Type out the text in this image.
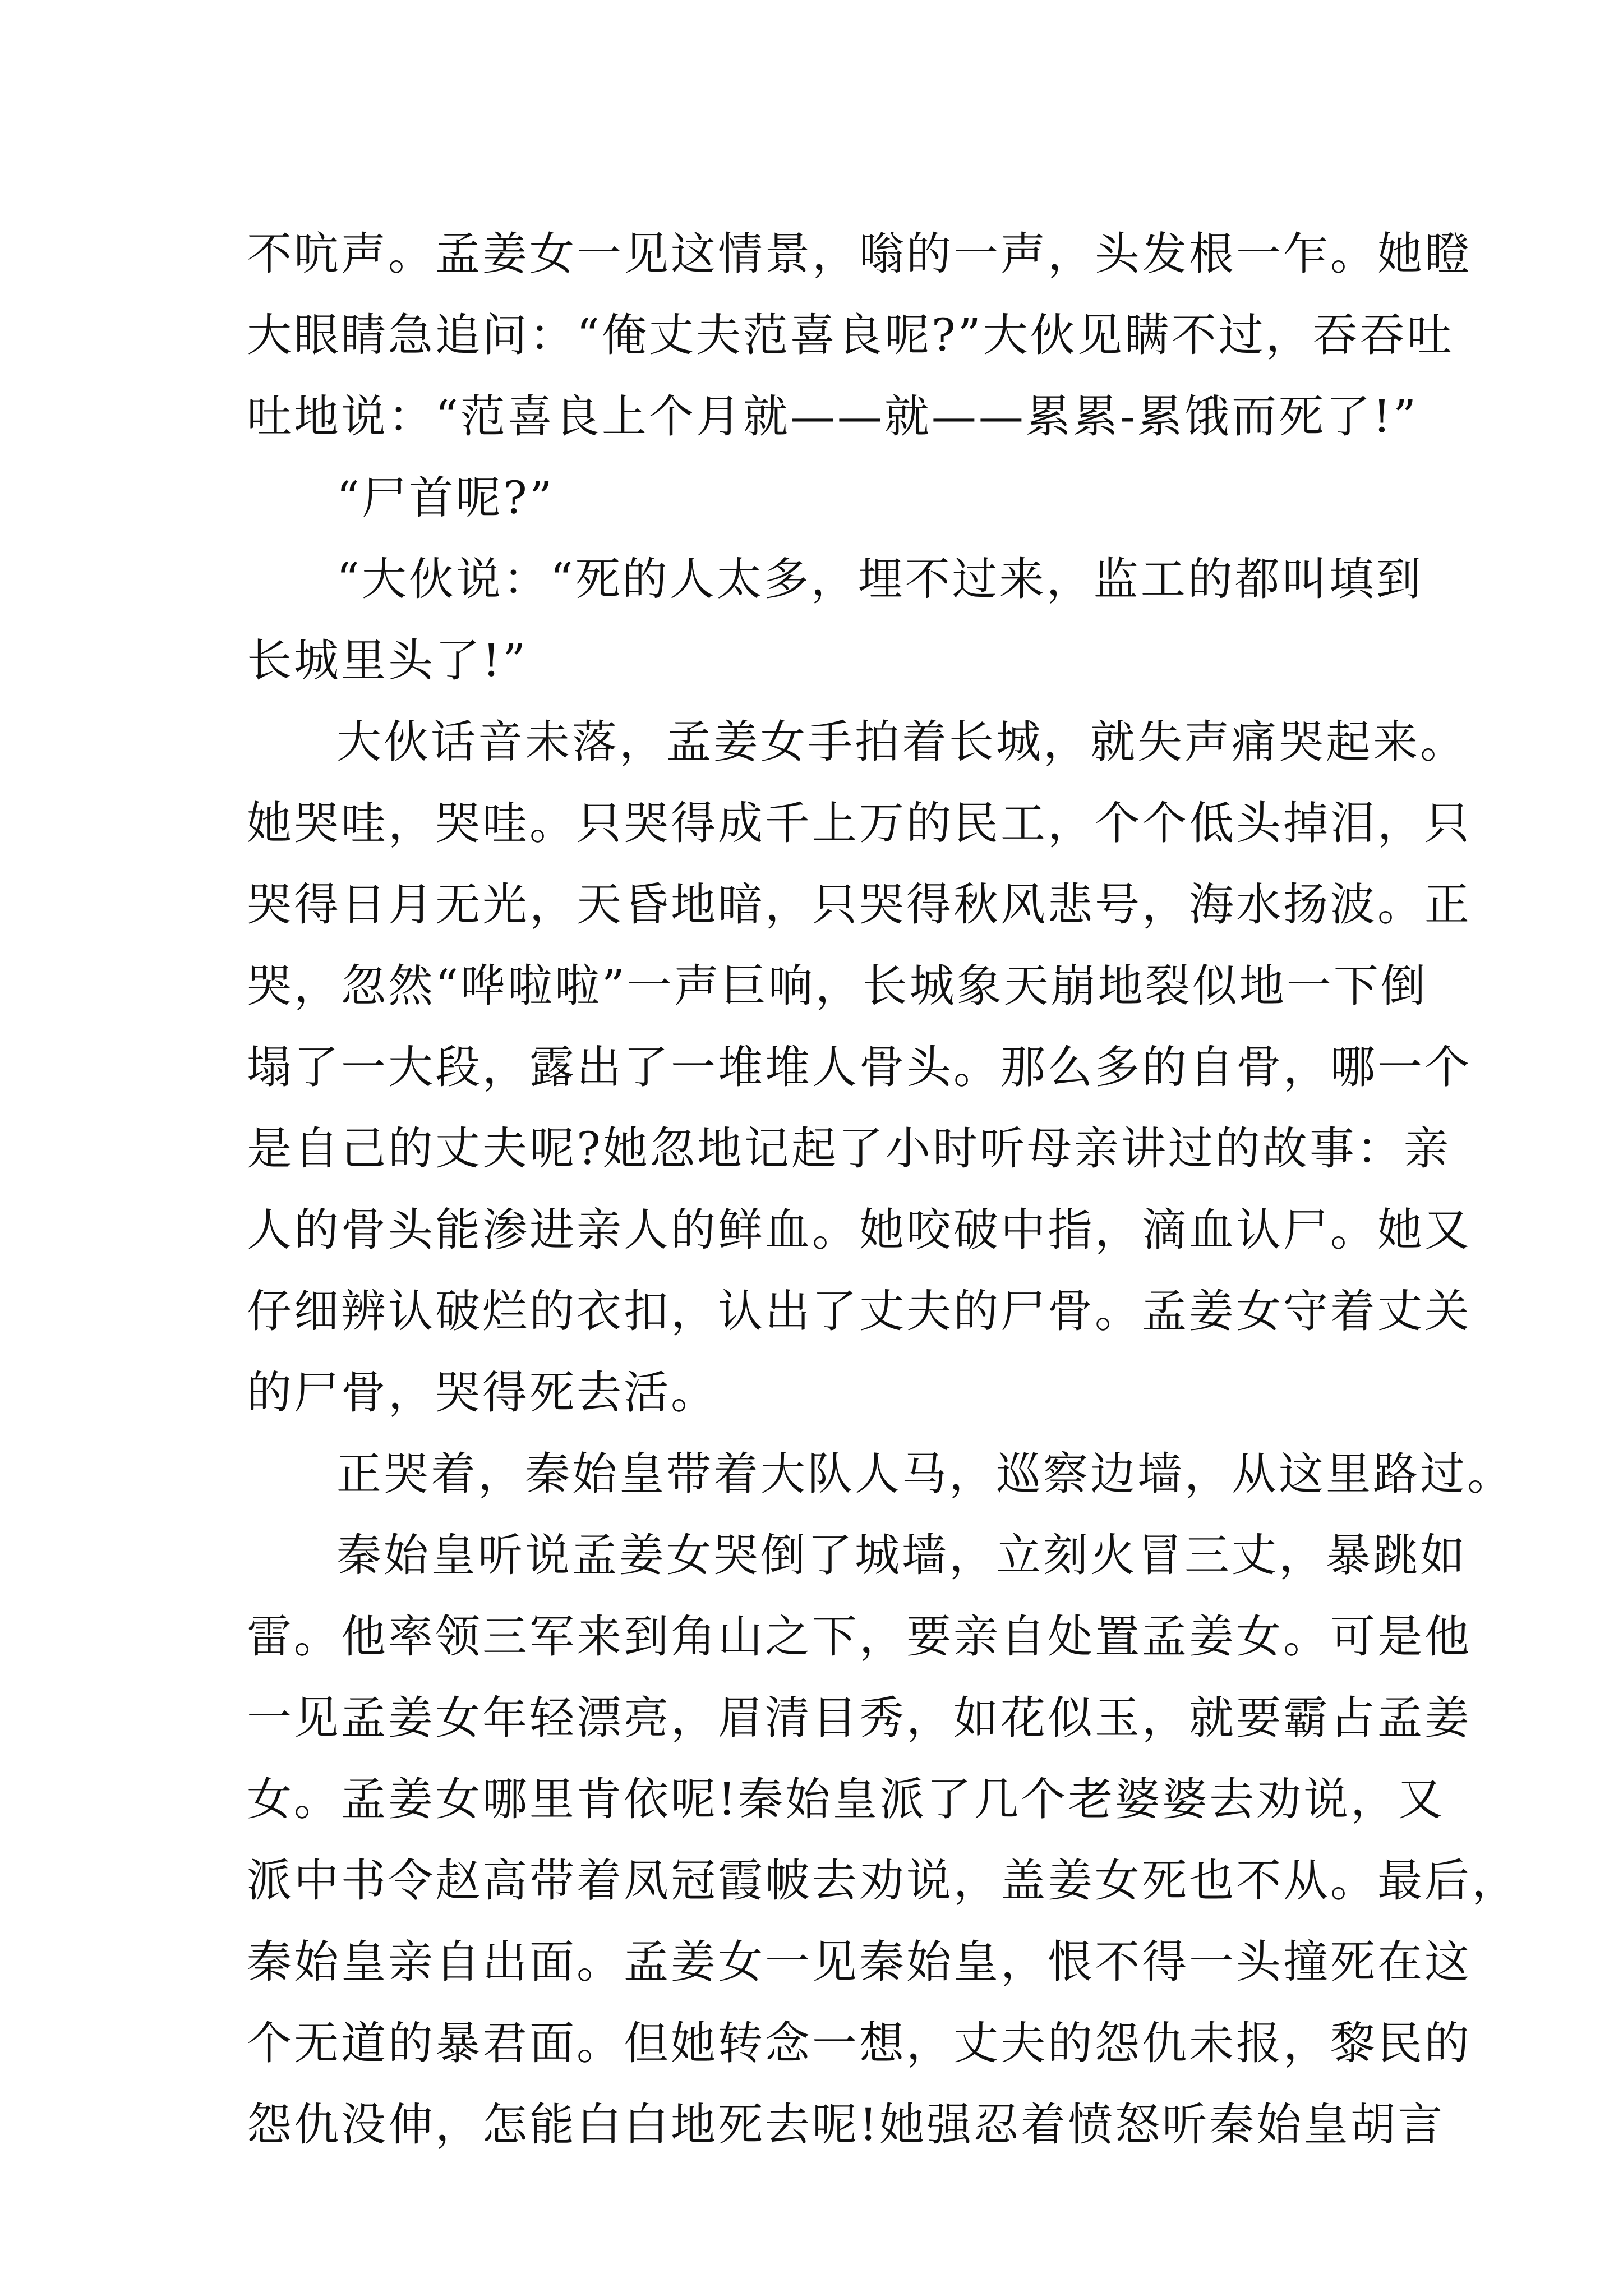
不吭声。孟姜女一见这情景，嗡的一声，头发根一乍。她瞪
大眼睛急追问：“俺丈夫范喜良呢?”大伙见瞒不过，吞吞吐
吐地说：“范喜良上个月就——就——累累-累饿而死了!”
“尸首呢?”
“大伙说：“死的人太多，埋不过来，监工的都叫填到
长城里头了!”
大伙话音未落，孟姜女手拍着长城，就失声痛哭起来。
她哭哇，哭哇。只哭得成千上万的民工，个个低头掉泪，只
哭得日月无光，天昏地暗，只哭得秋风悲号，海水扬波。正
哭，忽然“哗啦啦”一声巨响，长城象天崩地裂似地一下倒
塌了一大段，露出了一堆堆人骨头。那么多的自骨，哪一个
是自己的丈夫呢?她忽地记起了小时听母亲讲过的故事：亲
人的骨头能渗进亲人的鲜血。她咬破中指，滴血认尸。她又
仔细辨认破烂的衣扣，认出了丈夫的尸骨。孟姜女守着丈关
的尸骨，哭得死去活。
正哭着，秦始皇带着大队人马，巡察边墙，从这里路过。
秦始皇听说孟姜女哭倒了城墙，立刻火冒三丈，暴跳如
雷。他率领三军来到角山之下，要亲自处置孟姜女。可是他
一见孟姜女年轻漂亮，眉清目秀，如花似玉，就要霸占孟姜
女。孟姜女哪里肯依呢!秦始皇派了几个老婆婆去劝说，又
派中书令赵高带着凤冠霞帔去劝说，盖姜女死也不从。最后，
秦始皇亲自出面。孟姜女一见秦始皇，恨不得一头撞死在这
个无道的暴君面。但她转念一想，丈夫的怨仇未报，黎民的
怨仇没伸，怎能白白地死去呢!她强忍着愤怒听秦始皇胡言
